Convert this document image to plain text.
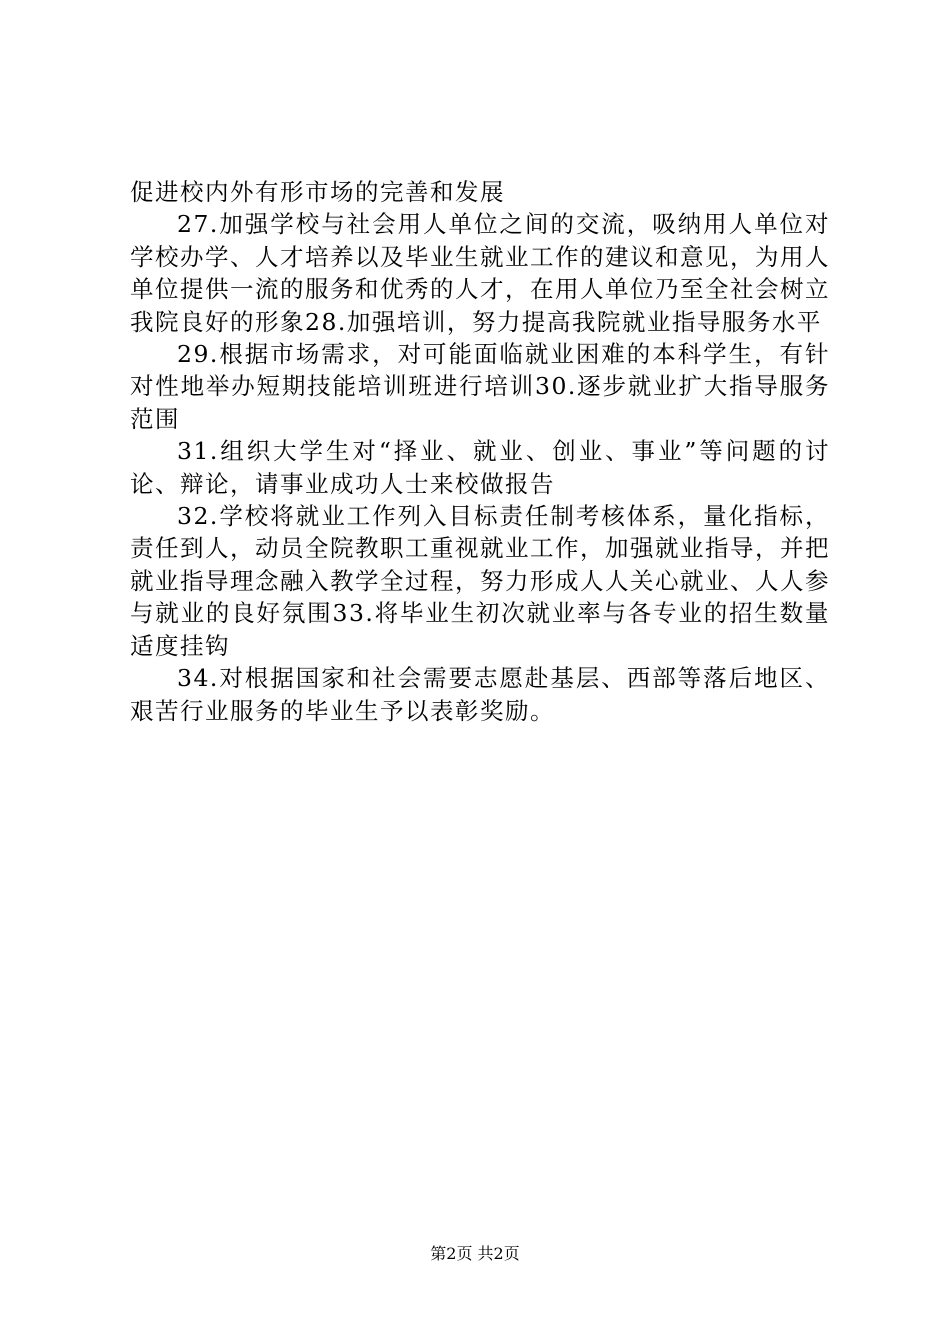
促进校内外有形市场的完善和发展

27.加强学校与社会用人单位之间的交流，吸纳用人单位对学校办学、人才培养以及毕业生就业工作的建议和意见，为用人单位提供一流的服务和优秀的人才，在用人单位乃至全社会树立我院良好的形象28.加强培训，努力提高我院就业指导服务水平

29.根据市场需求，对可能面临就业困难的本科学生，有针对性地举办短期技能培训班进行培训30.逐步就业扩大指导服务范围

31.组织大学生对“择业、就业、创业、事业”等问题的讨论、辩论，请事业成功人士来校做报告

32.学校将就业工作列入目标责任制考核体系，量化指标，责任到人，动员全院教职工重视就业工作，加强就业指导，并把就业指导理念融入教学全过程，努力形成人人关心就业、人人参与就业的良好氛围33.将毕业生初次就业率与各专业的招生数量适度挂钩

34.对根据国家和社会需要志愿赴基层、西部等落后地区、艰苦行业服务的毕业生予以表彰奖励。

第2页 共2页
